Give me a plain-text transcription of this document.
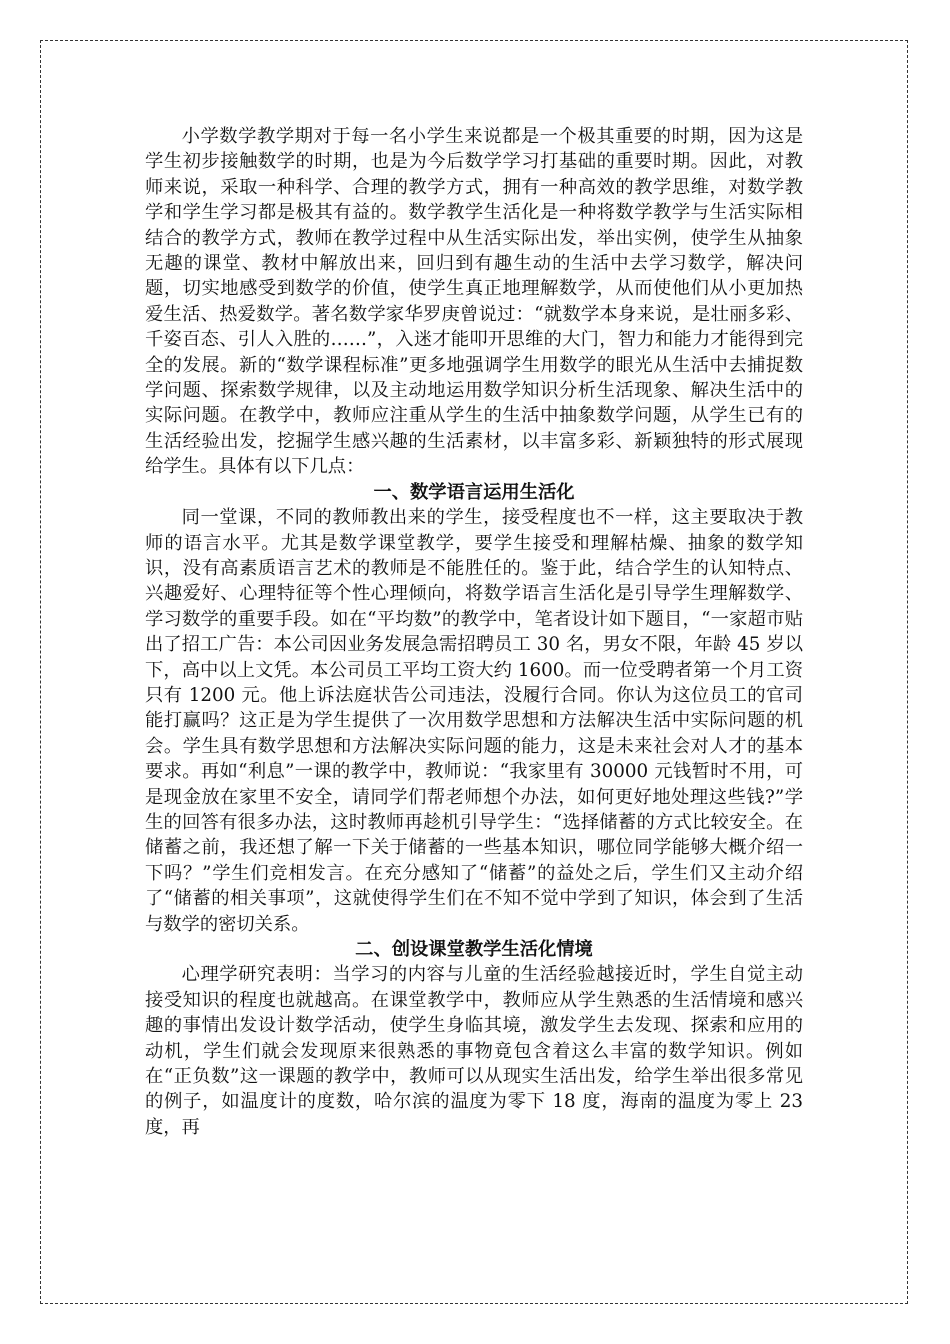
小学数学教学期对于每一名小学生来说都是一个极其重要的时期，因为这是学生初步接触数学的时期，也是为今后数学学习打基础的重要时期。因此，对教师来说，采取一种科学、合理的教学方式，拥有一种高效的教学思维，对数学教学和学生学习都是极其有益的。数学教学生活化是一种将数学教学与生活实际相结合的教学方式，教师在教学过程中从生活实际出发，举出实例，使学生从抽象无趣的课堂、教材中解放出来，回归到有趣生动的生活中去学习数学，解决问题，切实地感受到数学的价值，使学生真正地理解数学，从而使他们从小更加热爱生活、热爱数学。著名数学家华罗庚曾说过：“就数学本身来说，是壮丽多彩、千姿百态、引人入胜的……”，入迷才能叩开思维的大门，智力和能力才能得到完全的发展。新的“数学课程标准”更多地强调学生用数学的眼光从生活中去捕捉数学问题、探索数学规律，以及主动地运用数学知识分析生活现象、解决生活中的实际问题。在教学中，教师应注重从学生的生活中抽象数学问题，从学生已有的生活经验出发，挖掘学生感兴趣的生活素材，以丰富多彩、新颖独特的形式展现给学生。具体有以下几点：

一、数学语言运用生活化

同一堂课，不同的教师教出来的学生，接受程度也不一样，这主要取决于教师的语言水平。尤其是数学课堂教学，要学生接受和理解枯燥、抽象的数学知识，没有高素质语言艺术的教师是不能胜任的。鉴于此，结合学生的认知特点、兴趣爱好、心理特征等个性心理倾向，将数学语言生活化是引导学生理解数学、学习数学的重要手段。如在“平均数”的教学中，笔者设计如下题目，“一家超市贴出了招工广告：本公司因业务发展急需招聘员工 30 名，男女不限，年龄 45 岁以下，高中以上文凭。本公司员工平均工资大约 1600。而一位受聘者第一个月工资只有 1200 元。他上诉法庭状告公司违法，没履行合同。你认为这位员工的官司能打赢吗？这正是为学生提供了一次用数学思想和方法解决生活中实际问题的机会。学生具有数学思想和方法解决实际问题的能力，这是未来社会对人才的基本要求。再如“利息”一课的教学中，教师说：“我家里有 30000 元钱暂时不用，可是现金放在家里不安全，请同学们帮老师想个办法，如何更好地处理这些钱?”学生的回答有很多办法，这时教师再趁机引导学生：“选择储蓄的方式比较安全。在储蓄之前，我还想了解一下关于储蓄的一些基本知识，哪位同学能够大概介绍一下吗？”学生们竞相发言。在充分感知了“储蓄”的益处之后，学生们又主动介绍了“储蓄的相关事项”，这就使得学生们在不知不觉中学到了知识，体会到了生活与数学的密切关系。

二、创设课堂教学生活化情境

心理学研究表明：当学习的内容与儿童的生活经验越接近时，学生自觉主动接受知识的程度也就越高。在课堂教学中，教师应从学生熟悉的生活情境和感兴趣的事情出发设计数学活动，使学生身临其境，激发学生去发现、探索和应用的动机，学生们就会发现原来很熟悉的事物竟包含着这么丰富的数学知识。例如在“正负数”这一课题的教学中，教师可以从现实生活出发，给学生举出很多常见的例子，如温度计的度数，哈尔滨的温度为零下 18 度，海南的温度为零上 23 度，再
